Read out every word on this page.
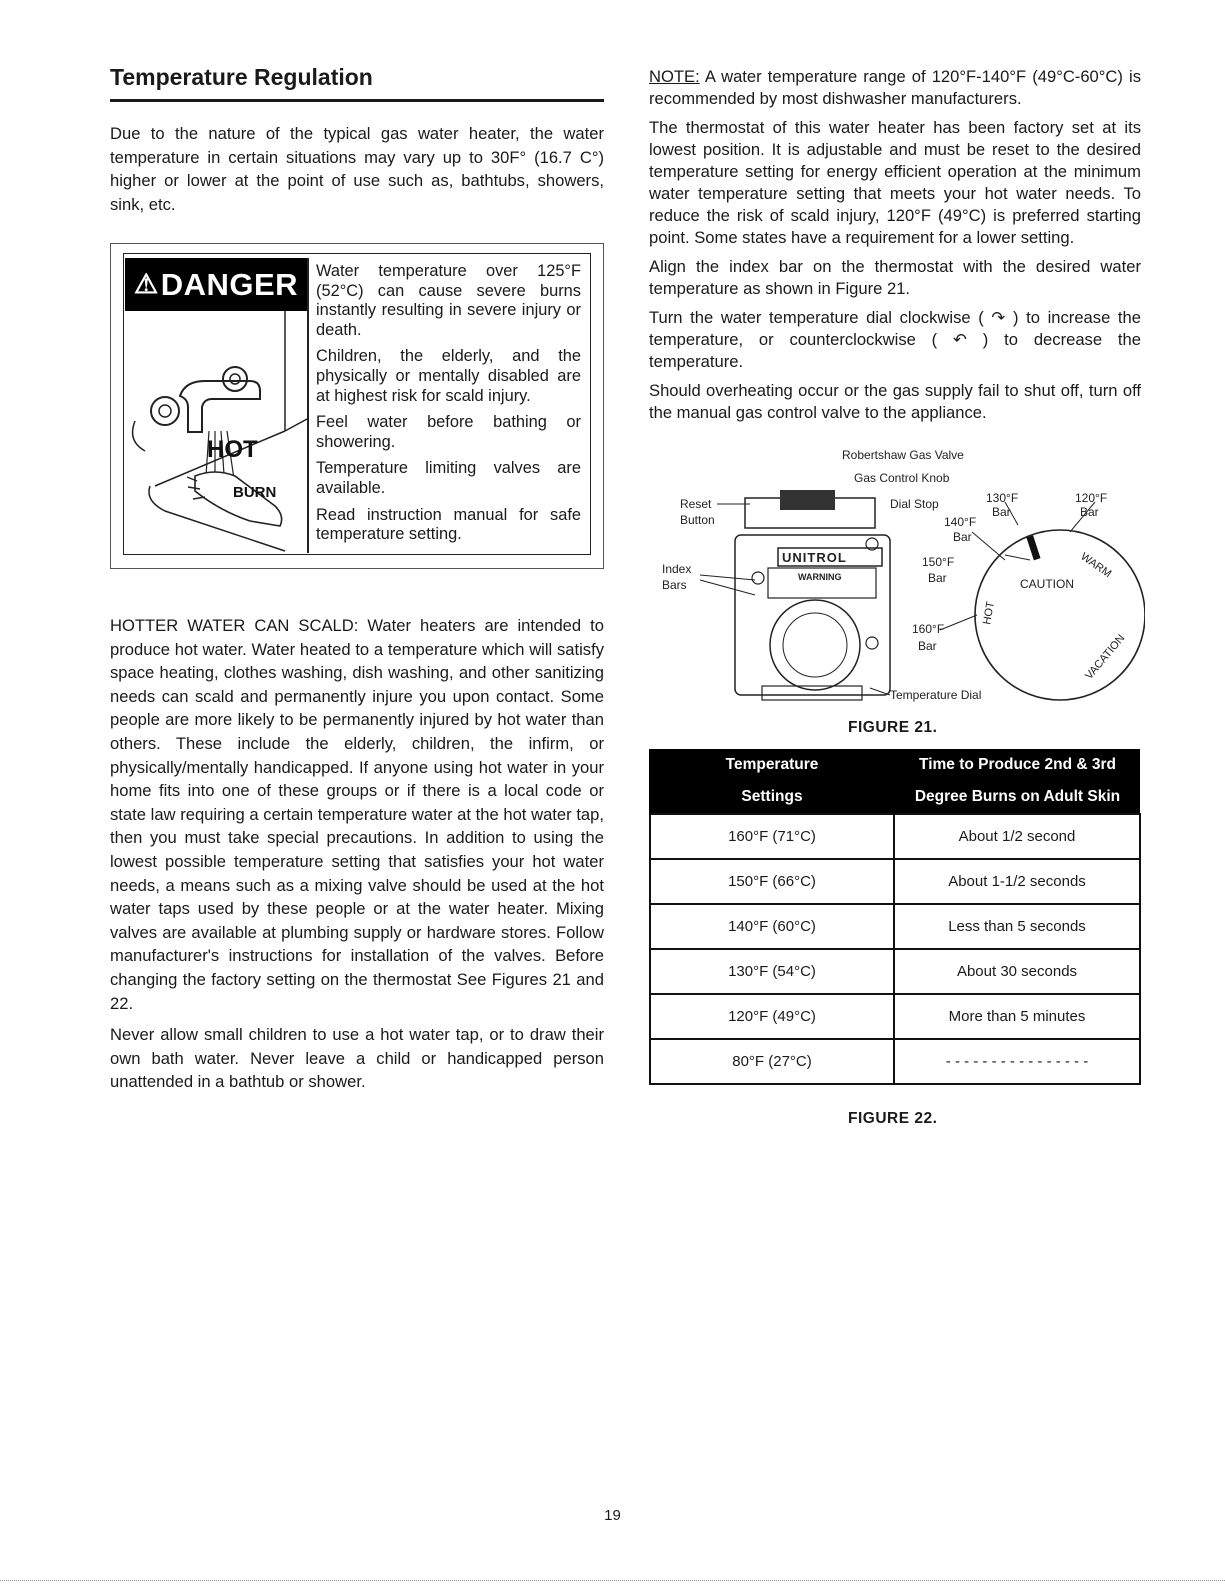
Temperature Regulation

Due to the nature of the typical gas water heater, the water temperature in certain situations may vary up to 30F° (16.7 C°) higher or lower at the point of use such as, bathtubs, showers, sink, etc.

⚠ DANGER
HOT
BURN

Water temperature over 125°F (52°C) can cause severe burns instantly resulting in severe injury or death.

Children, the elderly, and the physically or mentally disabled are at highest risk for scald injury.

Feel water before bathing or showering.

Temperature limiting valves are available.

Read instruction manual for safe temperature setting.

HOTTER WATER CAN SCALD: Water heaters are intended to produce hot water. Water heated to a temperature which will satisfy space heating, clothes washing, dish washing, and other sanitizing needs can scald and permanently injure you upon contact. Some people are more likely to be permanently injured by hot water than others. These include the elderly, children, the infirm, or physically/mentally handicapped. If anyone using hot water in your home fits into one of these groups or if there is a local code or state law requiring a certain temperature water at the hot water tap, then you must take special precautions. In addition to using the lowest possible temperature setting that satisfies your hot water needs, a means such as a mixing valve should be used at the hot water taps used by these people or at the water heater. Mixing valves are available at plumbing supply or hardware stores. Follow manufacturer's instructions for installation of the valves. Before changing the factory setting on the thermostat See Figures 21 and 22.

Never allow small children to use a hot water tap, or to draw their own bath water. Never leave a child or handicapped person unattended in a bathtub or shower.

NOTE: A water temperature range of 120°F-140°F (49°C-60°C) is recommended by most dishwasher manufacturers.

The thermostat of this water heater has been factory set at its lowest position. It is adjustable and must be reset to the desired temperature setting for energy efficient operation at the minimum water temperature setting that meets your hot water needs. To reduce the risk of scald injury, 120°F (49°C) is preferred starting point. Some states have a requirement for a lower setting.

Align the index bar on the thermostat with the desired water temperature as shown in Figure 21.

Turn the water temperature dial clockwise ( ↷ ) to increase the temperature, or counterclockwise ( ↶ ) to decrease the temperature.

Should overheating occur or the gas supply fail to shut off, turn off the manual gas control valve to the appliance.

Robertshaw Gas Valve
Gas Control Knob
Reset
Button
Dial Stop
Index
Bars
UNITROL
WARNING
130°F
Bar
120°F
Bar
140°F
Bar
150°F
Bar
160°F
Bar
Temperature Dial
CAUTION
WARM
HOT
VACATION
FIGURE 21.
Temperature	Time to Produce 2nd & 3rd
Settings	Degree Burns on Adult Skin
160°F (71°C)	About 1/2 second
150°F (66°C)	About 1-1/2 seconds
140°F (60°C)	Less than 5 seconds
130°F (54°C)	About 30 seconds
120°F (49°C)	More than 5 minutes
80°F (27°C)	- - - - - - - - - - - - - - - -
FIGURE 22.
19
